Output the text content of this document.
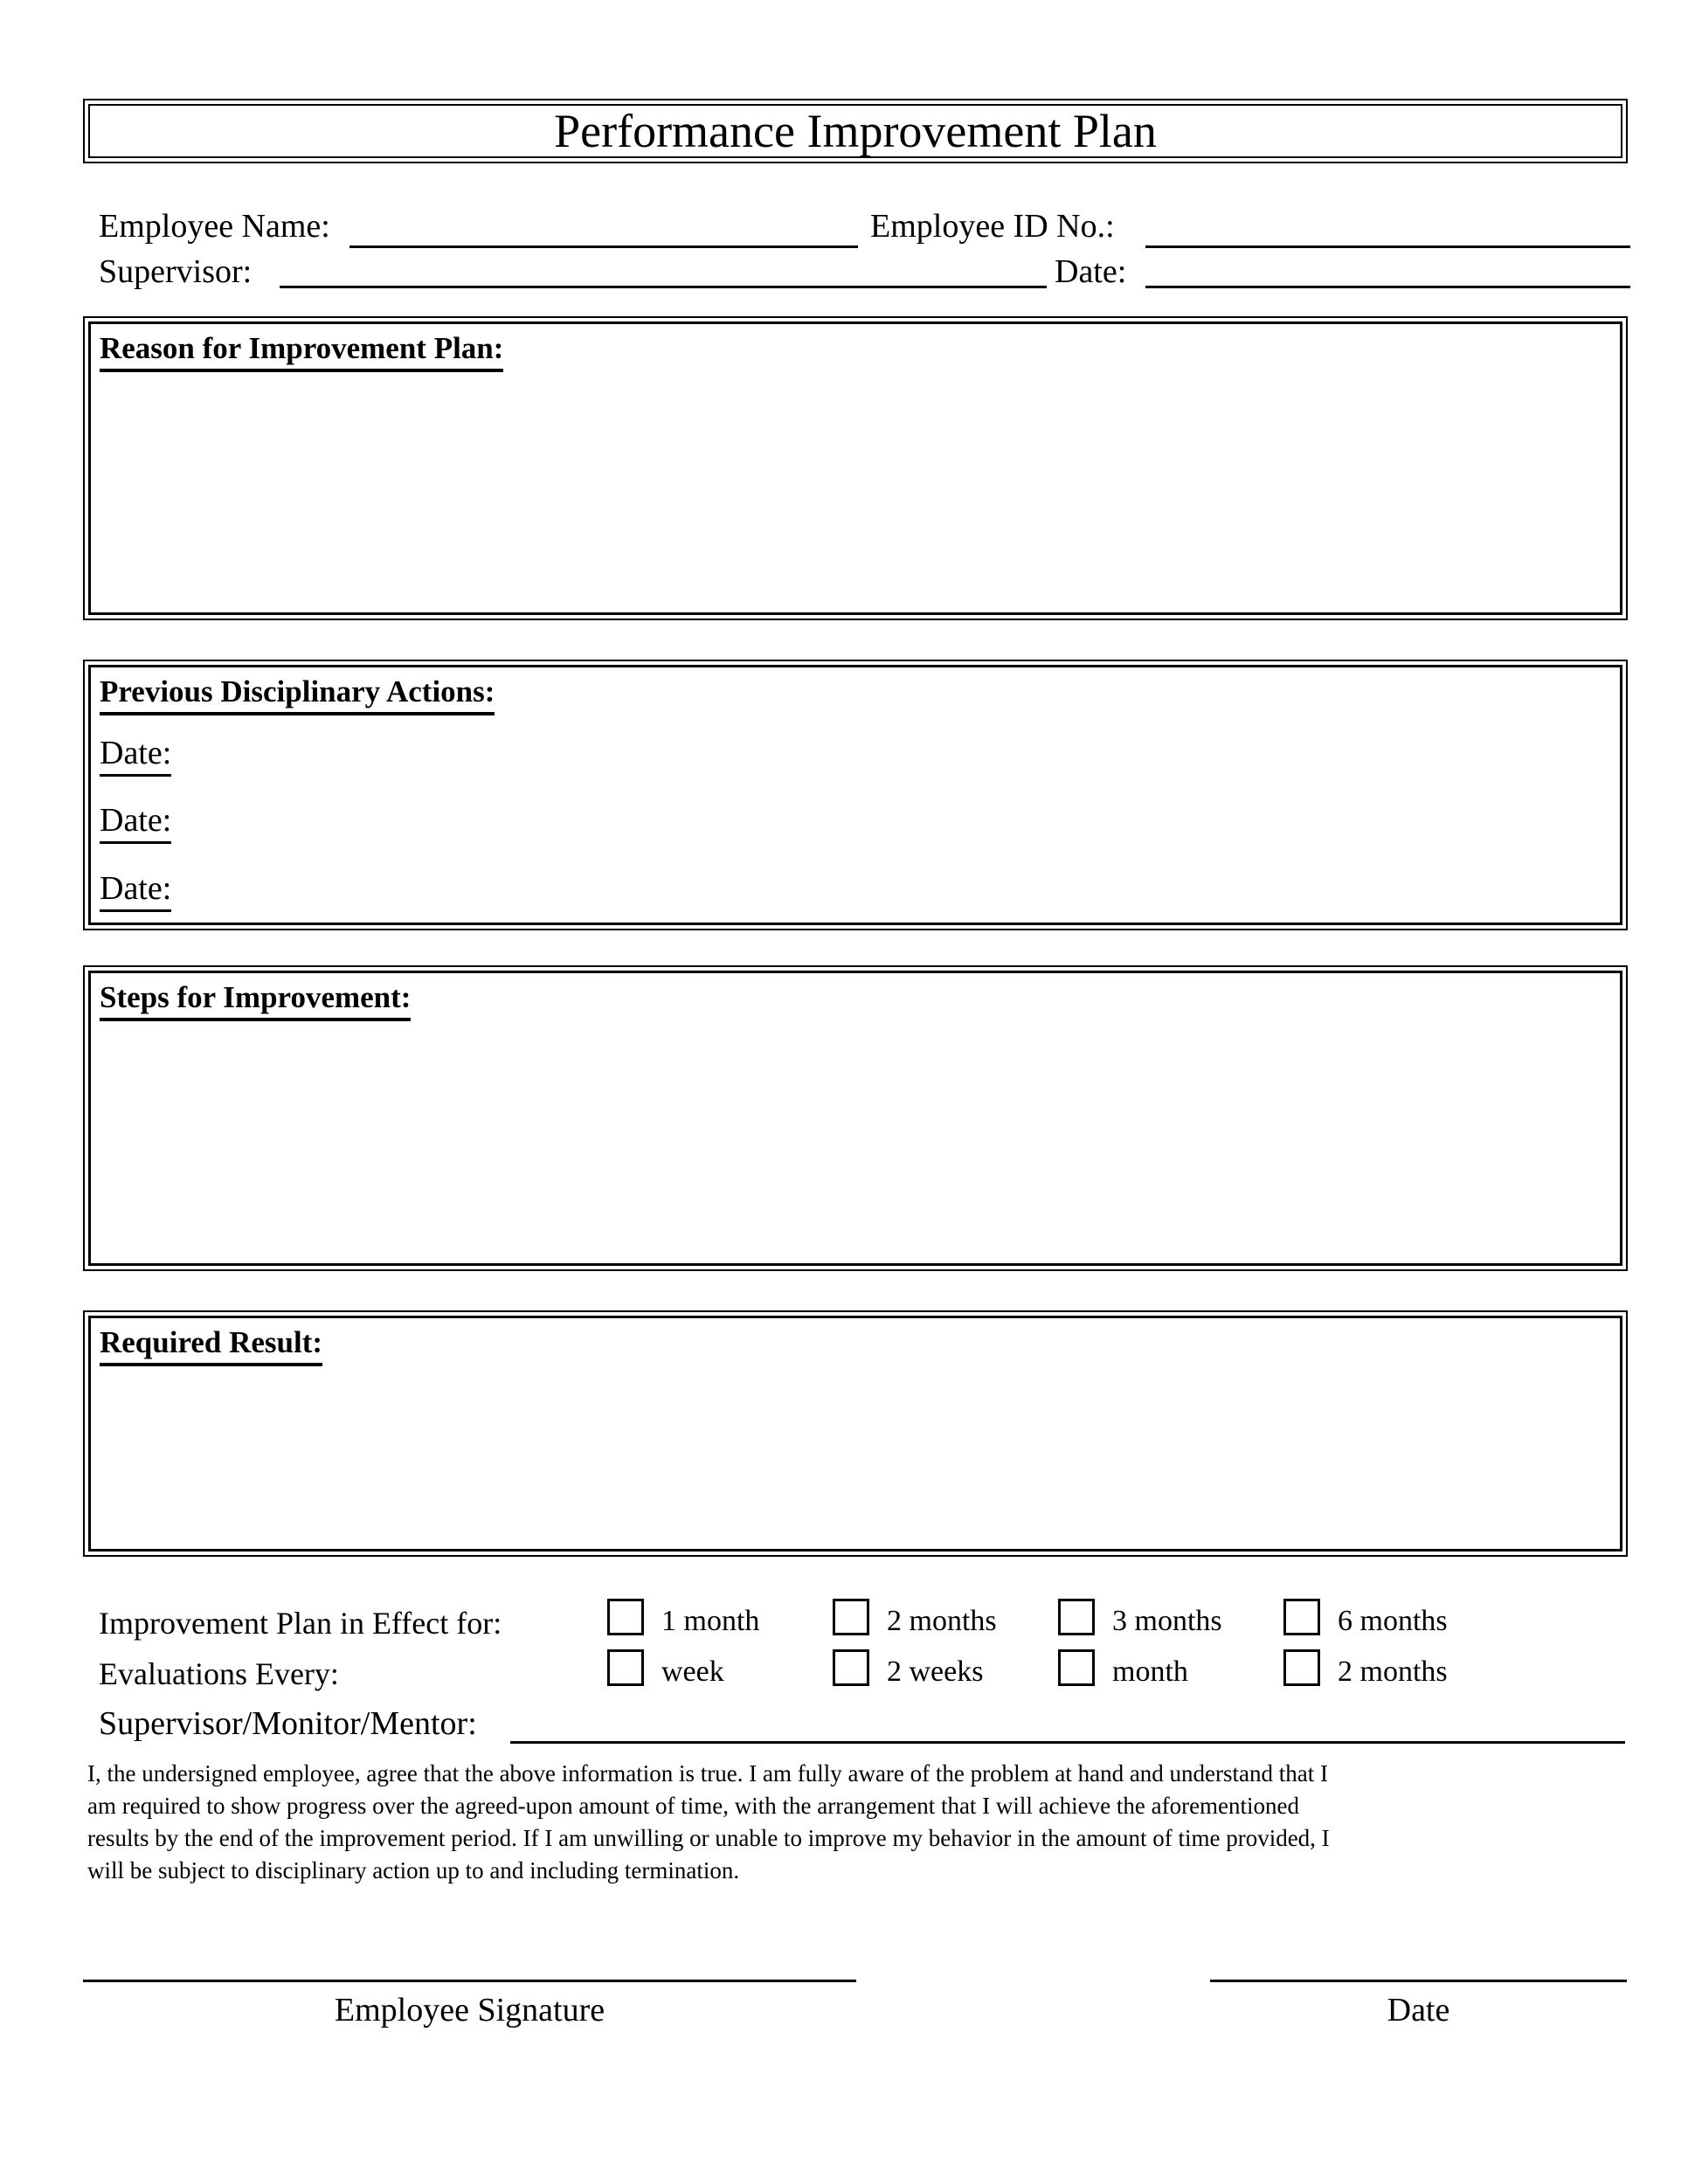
Performance Improvement Plan
Employee Name:	Employee ID No.:
Supervisor:	Date:
Reason for Improvement Plan:
Previous Disciplinary Actions:
Date:
Date:
Date:
Steps for Improvement:
Required Result:
Improvement Plan in Effect for:	1 month	2 months	3 months	6 months
Evaluations Every:	week	2 weeks	month	2 months
Supervisor/Monitor/Mentor:
I, the undersigned employee, agree that the above information is true. I am fully aware of the problem at hand and understand that I
am required to show progress over the agreed-upon amount of time, with the arrangement that I will achieve the aforementioned
results by the end of the improvement period. If I am unwilling or unable to improve my behavior in the amount of time provided, I
will be subject to disciplinary action up to and including termination.
Employee Signature	Date
